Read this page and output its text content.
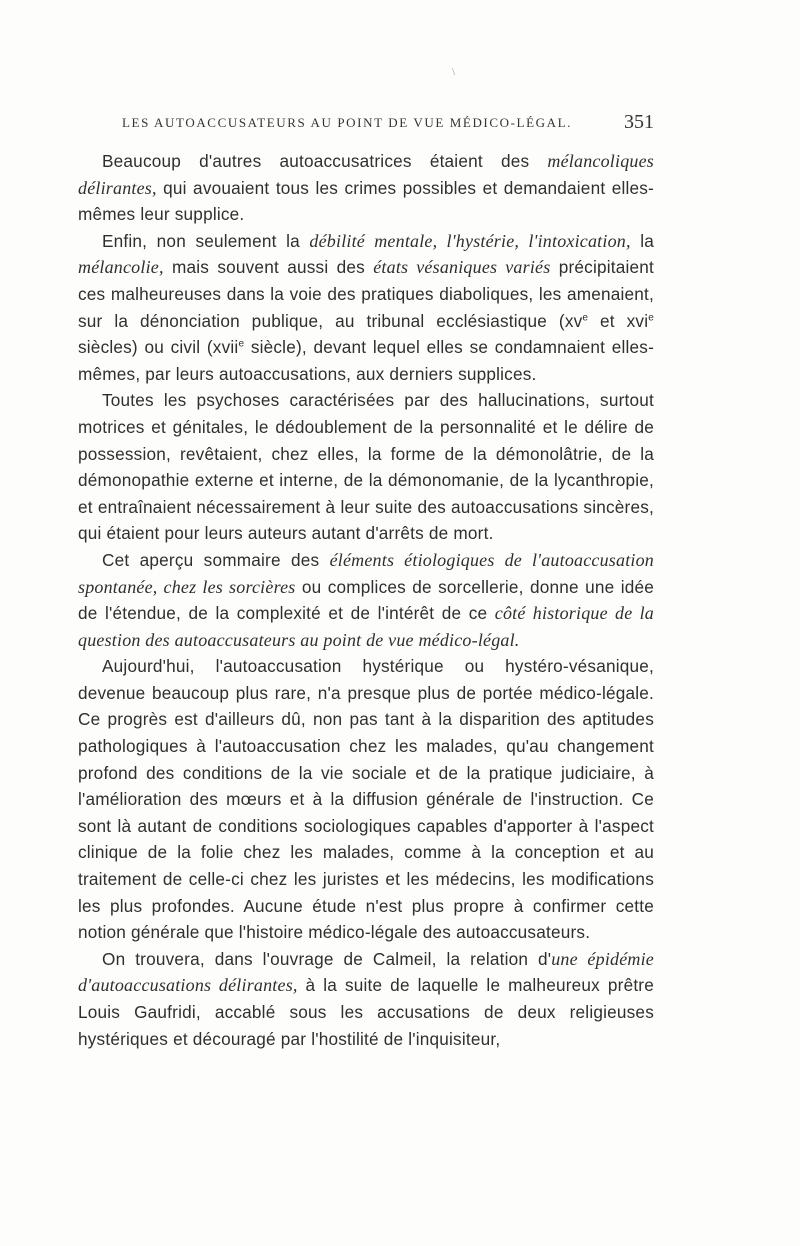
\
LES AUTOACCUSATEURS AU POINT DE VUE MÉDICO-LÉGAL.	351

Beaucoup d'autres autoaccusatrices étaient des mélancoliques délirantes, qui avouaient tous les crimes possibles et demandaient elles-mêmes leur supplice.

Enfin, non seulement la débilité mentale, l'hystérie, l'intoxication, la mélancolie, mais souvent aussi des états vésaniques variés précipitaient ces malheureuses dans la voie des pratiques diaboliques, les amenaient, sur la dénonciation publique, au tribunal ecclésiastique ($xv^e$ et xvi$^e$ siècles) ou civil (xvii$^e$ siècle), devant lequel elles se condamnaient elles-mêmes, par leurs autoaccusations, aux derniers supplices.

Toutes les psychoses caractérisées par des hallucinations, surtout motrices et génitales, le dédoublement de la personnalité et le délire de possession, revêtaient, chez elles, la forme de la démonolâtrie, de la démonopathie externe et interne, de la démonomanie, de la lycanthropie, et entraînaient nécessairement à leur suite des autoaccusations sincères, qui étaient pour leurs auteurs autant d'arrêts de mort.

Cet aperçu sommaire des éléments étiologiques de l'autoaccusation spontanée, chez les sorcières ou complices de sorcellerie, donne une idée de l'étendue, de la complexité et de l'intérêt de ce côté historique de la question des autoaccusateurs au point de vue médico-légal.

Aujourd'hui, l'autoaccusation hystérique ou hystéro-vésanique, devenue beaucoup plus rare, n'a presque plus de portée médico-légale. Ce progrès est d'ailleurs dû, non pas tant à la disparition des aptitudes pathologiques à l'autoaccusation chez les malades, qu'au changement profond des conditions de la vie sociale et de la pratique judiciaire, à l'amélioration des mœurs et à la diffusion générale de l'instruction. Ce sont là autant de conditions sociologiques capables d'apporter à l'aspect clinique de la folie chez les malades, comme à la conception et au traitement de celle-ci chez les juristes et les médecins, les modifications les plus profondes. Aucune étude n'est plus propre à confirmer cette notion générale que l'histoire médico-légale des autoaccusateurs.

On trouvera, dans l'ouvrage de Calmeil, la relation d'une épidémie d'autoaccusations délirantes, à la suite de laquelle le malheureux prêtre Louis Gaufridi, accablé sous les accusations de deux religieuses hystériques et découragé par l'hostilité de l'inquisiteur,
